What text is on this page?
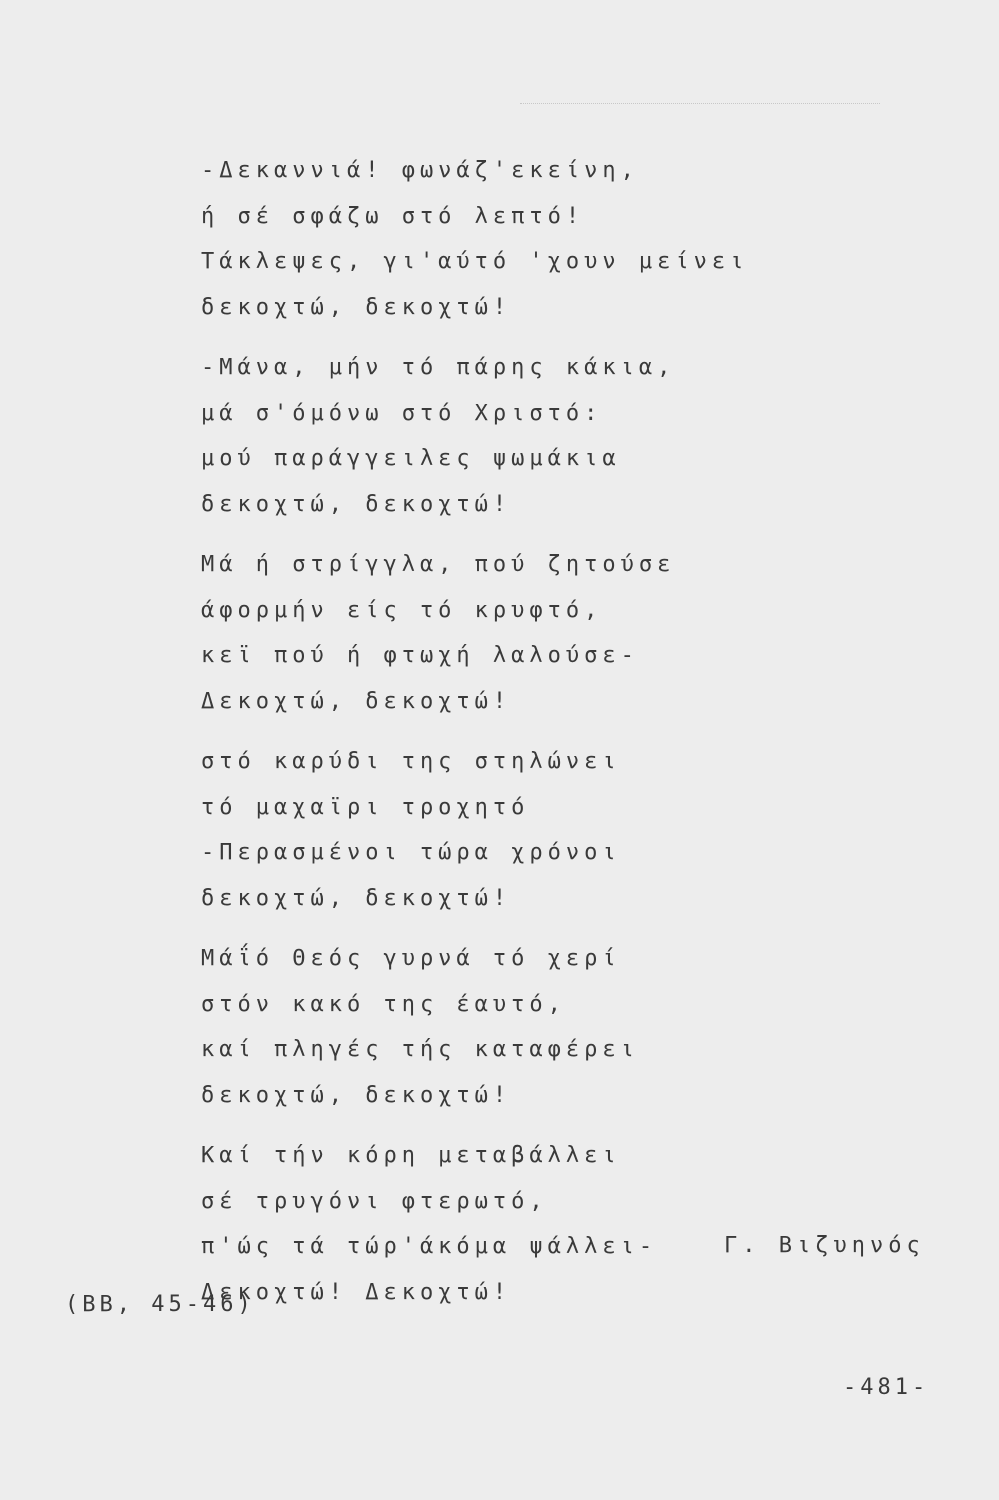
-Δεκαννιά! φωνάζ'εκείνη,
ή σέ σφάζω στό λεπτό!
Τάκλεψες, γι'αύτό 'χουν μείνει
δεκοχτώ, δεκοχτώ!
-Μάνα, μήν τό πάρης κάκια,
μά σ'όμόνω στό Χριστό:
μού παράγγειλες ψωμάκια
δεκοχτώ, δεκοχτώ!
Μά ή στρίγγλα, πού ζητούσε
άφορμήν είς τό κρυφτό,
κεϊ πού ή φτωχή λαλούσε-
Δεκοχτώ, δεκοχτώ!
στό καρύδι της στηλώνει
τό μαχαϊρι τροχητό
-Περασμένοι τώρα χρόνοι
δεκοχτώ, δεκοχτώ!
Μάΐό Θεός γυρνά τό χερί
στόν κακό της έαυτό,
καί πληγές τής καταφέρει
δεκοχτώ, δεκοχτώ!
Καί τήν κόρη μεταβάλλει
σέ τρυγόνι φτερωτό,
π'ώς τά τώρ'άκόμα ψάλλει-
Δεκοχτώ! Δεκοχτώ!
Γ. Βιζυηνός
(ΒΒ, 45-46)
-481-
